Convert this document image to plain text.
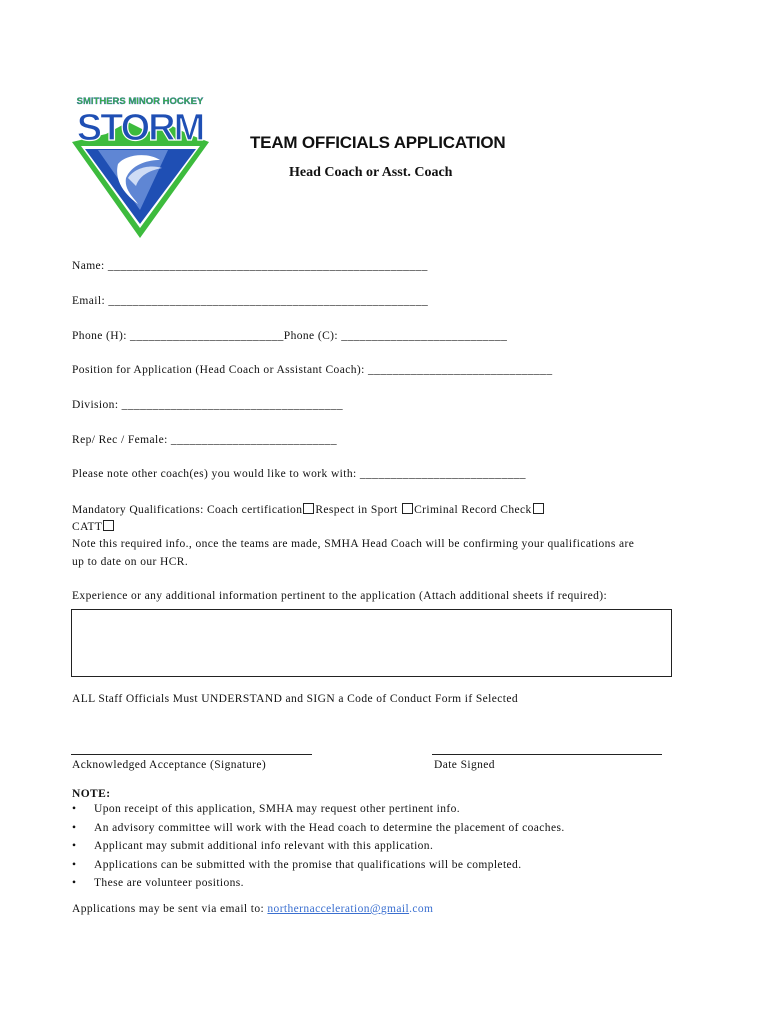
SMITHERS MINOR HOCKEY
STORM	TEAM OFFICIALS APPLICATION
Head Coach or Asst. Coach
Name: ____________________________________________________
Email: ____________________________________________________
Phone (H): _________________________Phone (C): ___________________________
Position for Application (Head Coach or Assistant Coach): ______________________________
Division: ____________________________________
Rep/ Rec / Female: ___________________________
Please note other coach(es) you would like to work with: ___________________________
Mandatory Qualifications: Coach certification Respect in Sport Criminal Record Check
CATT
Note this required info., once the teams are made, SMHA Head Coach will be confirming your qualifications are
up to date on our HCR.
Experience or any additional information pertinent to the application (Attach additional sheets if required):
ALL Staff Officials Must UNDERSTAND and SIGN a Code of Conduct Form if Selected
Acknowledged Acceptance (Signature)	Date Signed
NOTE:
• Upon receipt of this application, SMHA may request other pertinent info.
• An advisory committee will work with the Head coach to determine the placement of coaches.
• Applicant may submit additional info relevant with this application.
• Applications can be submitted with the promise that qualifications will be completed.
• These are volunteer positions.
Applications may be sent via email to: northernacceleration@gmail.com
